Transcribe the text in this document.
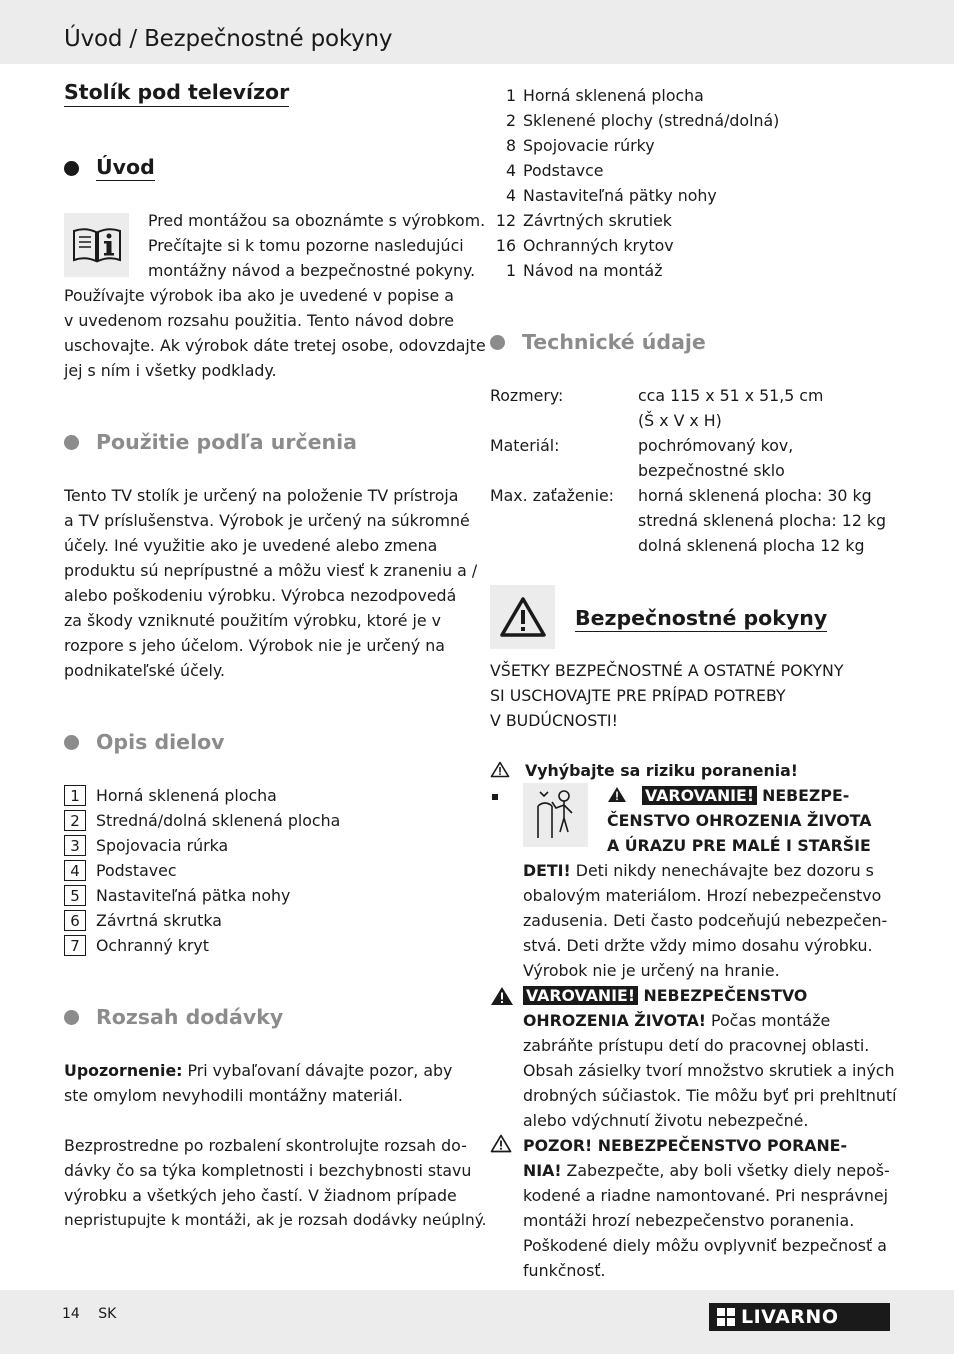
Úvod / Bezpečnostné pokyny
Stolík pod televízor
Úvod
Pred montážou sa oboznámte s výrobkom.
Prečítajte si k tomu pozorne nasledujúci
montážny návod a bezpečnostné pokyny.
Používajte výrobok iba ako je uvedené v popise a
v uvedenom rozsahu použitia. Tento návod dobre
uschovajte. Ak výrobok dáte tretej osobe, odovzdajte
jej s ním i všetky podklady.
Použitie podľa určenia
Tento TV stolík je určený na položenie TV prístroja
a TV príslušenstva. Výrobok je určený na súkromné
účely. Iné využitie ako je uvedené alebo zmena
produktu sú neprípustné a môžu viesť k zraneniu a /
alebo poškodeniu výrobku. Výrobca nezodpovedá
za škody vzniknuté použitím výrobku, ktoré je v
rozpore s jeho účelom. Výrobok nie je určený na
podnikateľské účely.
Opis dielov
1	Horná sklenená plocha
2	Stredná/dolná sklenená plocha
3	Spojovacia rúrka
4	Podstavec
5	Nastaviteľná pätka nohy
6	Závrtná skrutka
7	Ochranný kryt
Rozsah dodávky
Upozornenie: Pri vybaľovaní dávajte pozor, aby
ste omylom nevyhodili montážny materiál.
Bezprostredne po rozbalení skontrolujte rozsah do-
dávky čo sa týka kompletnosti i bezchybnosti stavu
výrobku a všetkých jeho častí. V žiadnom prípade
nepristupujte k montáži, ak je rozsah dodávky neúplný.
1 Horná sklenená plocha
2 Sklenené plochy (stredná/dolná)
8 Spojovacie rúrky
4 Podstavce
4 Nastaviteľná pätky nohy
12 Závrtných skrutiek
16 Ochranných krytov
1 Návod na montáž
Technické údaje
Rozmery:	cca 115 x 51 x 51,5 cm
(Š x V x H)
Materiál:	pochrómovaný kov,
bezpečnostné sklo
Max. zaťaženie:	horná sklenená plocha: 30 kg
stredná sklenená plocha: 12 kg
dolná sklenená plocha 12 kg
Bezpečnostné pokyny
VŠETKY BEZPEČNOSTNÉ A OSTATNÉ POKYNY
SI USCHOVAJTE PRE PRÍPAD POTREBY
V BUDÚCNOSTI!
Vyhýbajte sa riziku poranenia!
VAROVANIE! NEBEZPE-
ČENSTVO OHROZENIA ŽIVOTA
A ÚRAZU PRE MALÉ I STARŠIE
DETI! Deti nikdy nenechávajte bez dozoru s
obalovým materiálom. Hrozí nebezpečenstvo
zadusenia. Deti často podceňujú nebezpečen-
stvá. Deti držte vždy mimo dosahu výrobku.
Výrobok nie je určený na hranie.
VAROVANIE! NEBEZPEČENSTVO
OHROZENIA ŽIVOTA! Počas montáže
zabráňte prístupu detí do pracovnej oblasti.
Obsah zásielky tvorí množstvo skrutiek a iných
drobných súčiastok. Tie môžu byť pri prehltnutí
alebo vdýchnutí životu nebezpečné.
POZOR! NEBEZPEČENSTVO PORANE-
NIA! Zabezpečte, aby boli všetky diely nepoš-
kodené a riadne namontované. Pri nesprávnej
montáži hrozí nebezpečenstvo poranenia.
Poškodené diely môžu ovplyvniť bezpečnosť a
funkčnosť.
14 SK	LIVARNO
